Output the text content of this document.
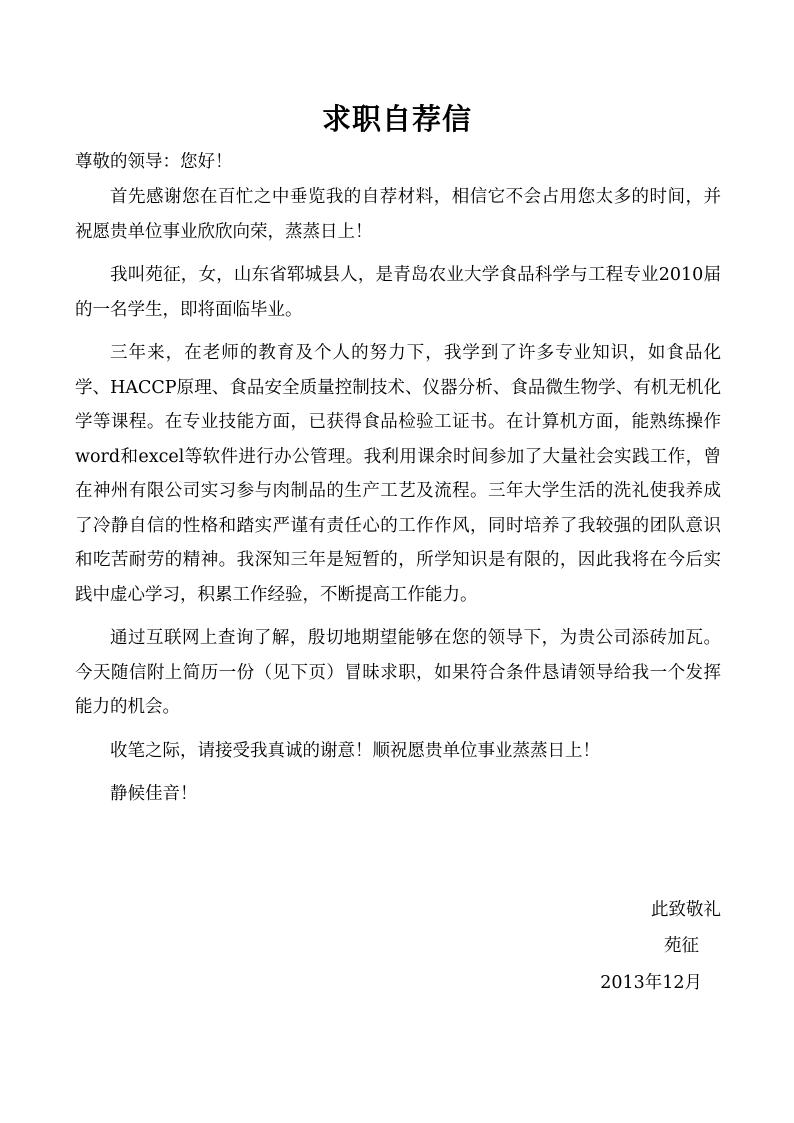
求职自荐信

尊敬的领导：您好！

首先感谢您在百忙之中垂览我的自荐材料，相信它不会占用您太多的时间，并祝愿贵单位事业欣欣向荣，蒸蒸日上！

我叫苑征，女，山东省郓城县人，是青岛农业大学食品科学与工程专业2010届的一名学生，即将面临毕业。

三年来，在老师的教育及个人的努力下，我学到了许多专业知识，如食品化学、HACCP原理、食品安全质量控制技术、仪器分析、食品微生物学、有机无机化学等课程。在专业技能方面，已获得食品检验工证书。在计算机方面，能熟练操作word和excel等软件进行办公管理。我利用课余时间参加了大量社会实践工作，曾在神州有限公司实习参与肉制品的生产工艺及流程。三年大学生活的洗礼使我养成了冷静自信的性格和踏实严谨有责任心的工作作风，同时培养了我较强的团队意识和吃苦耐劳的精神。我深知三年是短暂的，所学知识是有限的，因此我将在今后实践中虚心学习，积累工作经验，不断提高工作能力。

通过互联网上查询了解，殷切地期望能够在您的领导下，为贵公司添砖加瓦。今天随信附上简历一份（见下页）冒昧求职，如果符合条件恳请领导给我一个发挥能力的机会。

收笔之际，请接受我真诚的谢意！顺祝愿贵单位事业蒸蒸日上！

静候佳音！

此致敬礼
苑征
2013年12月
